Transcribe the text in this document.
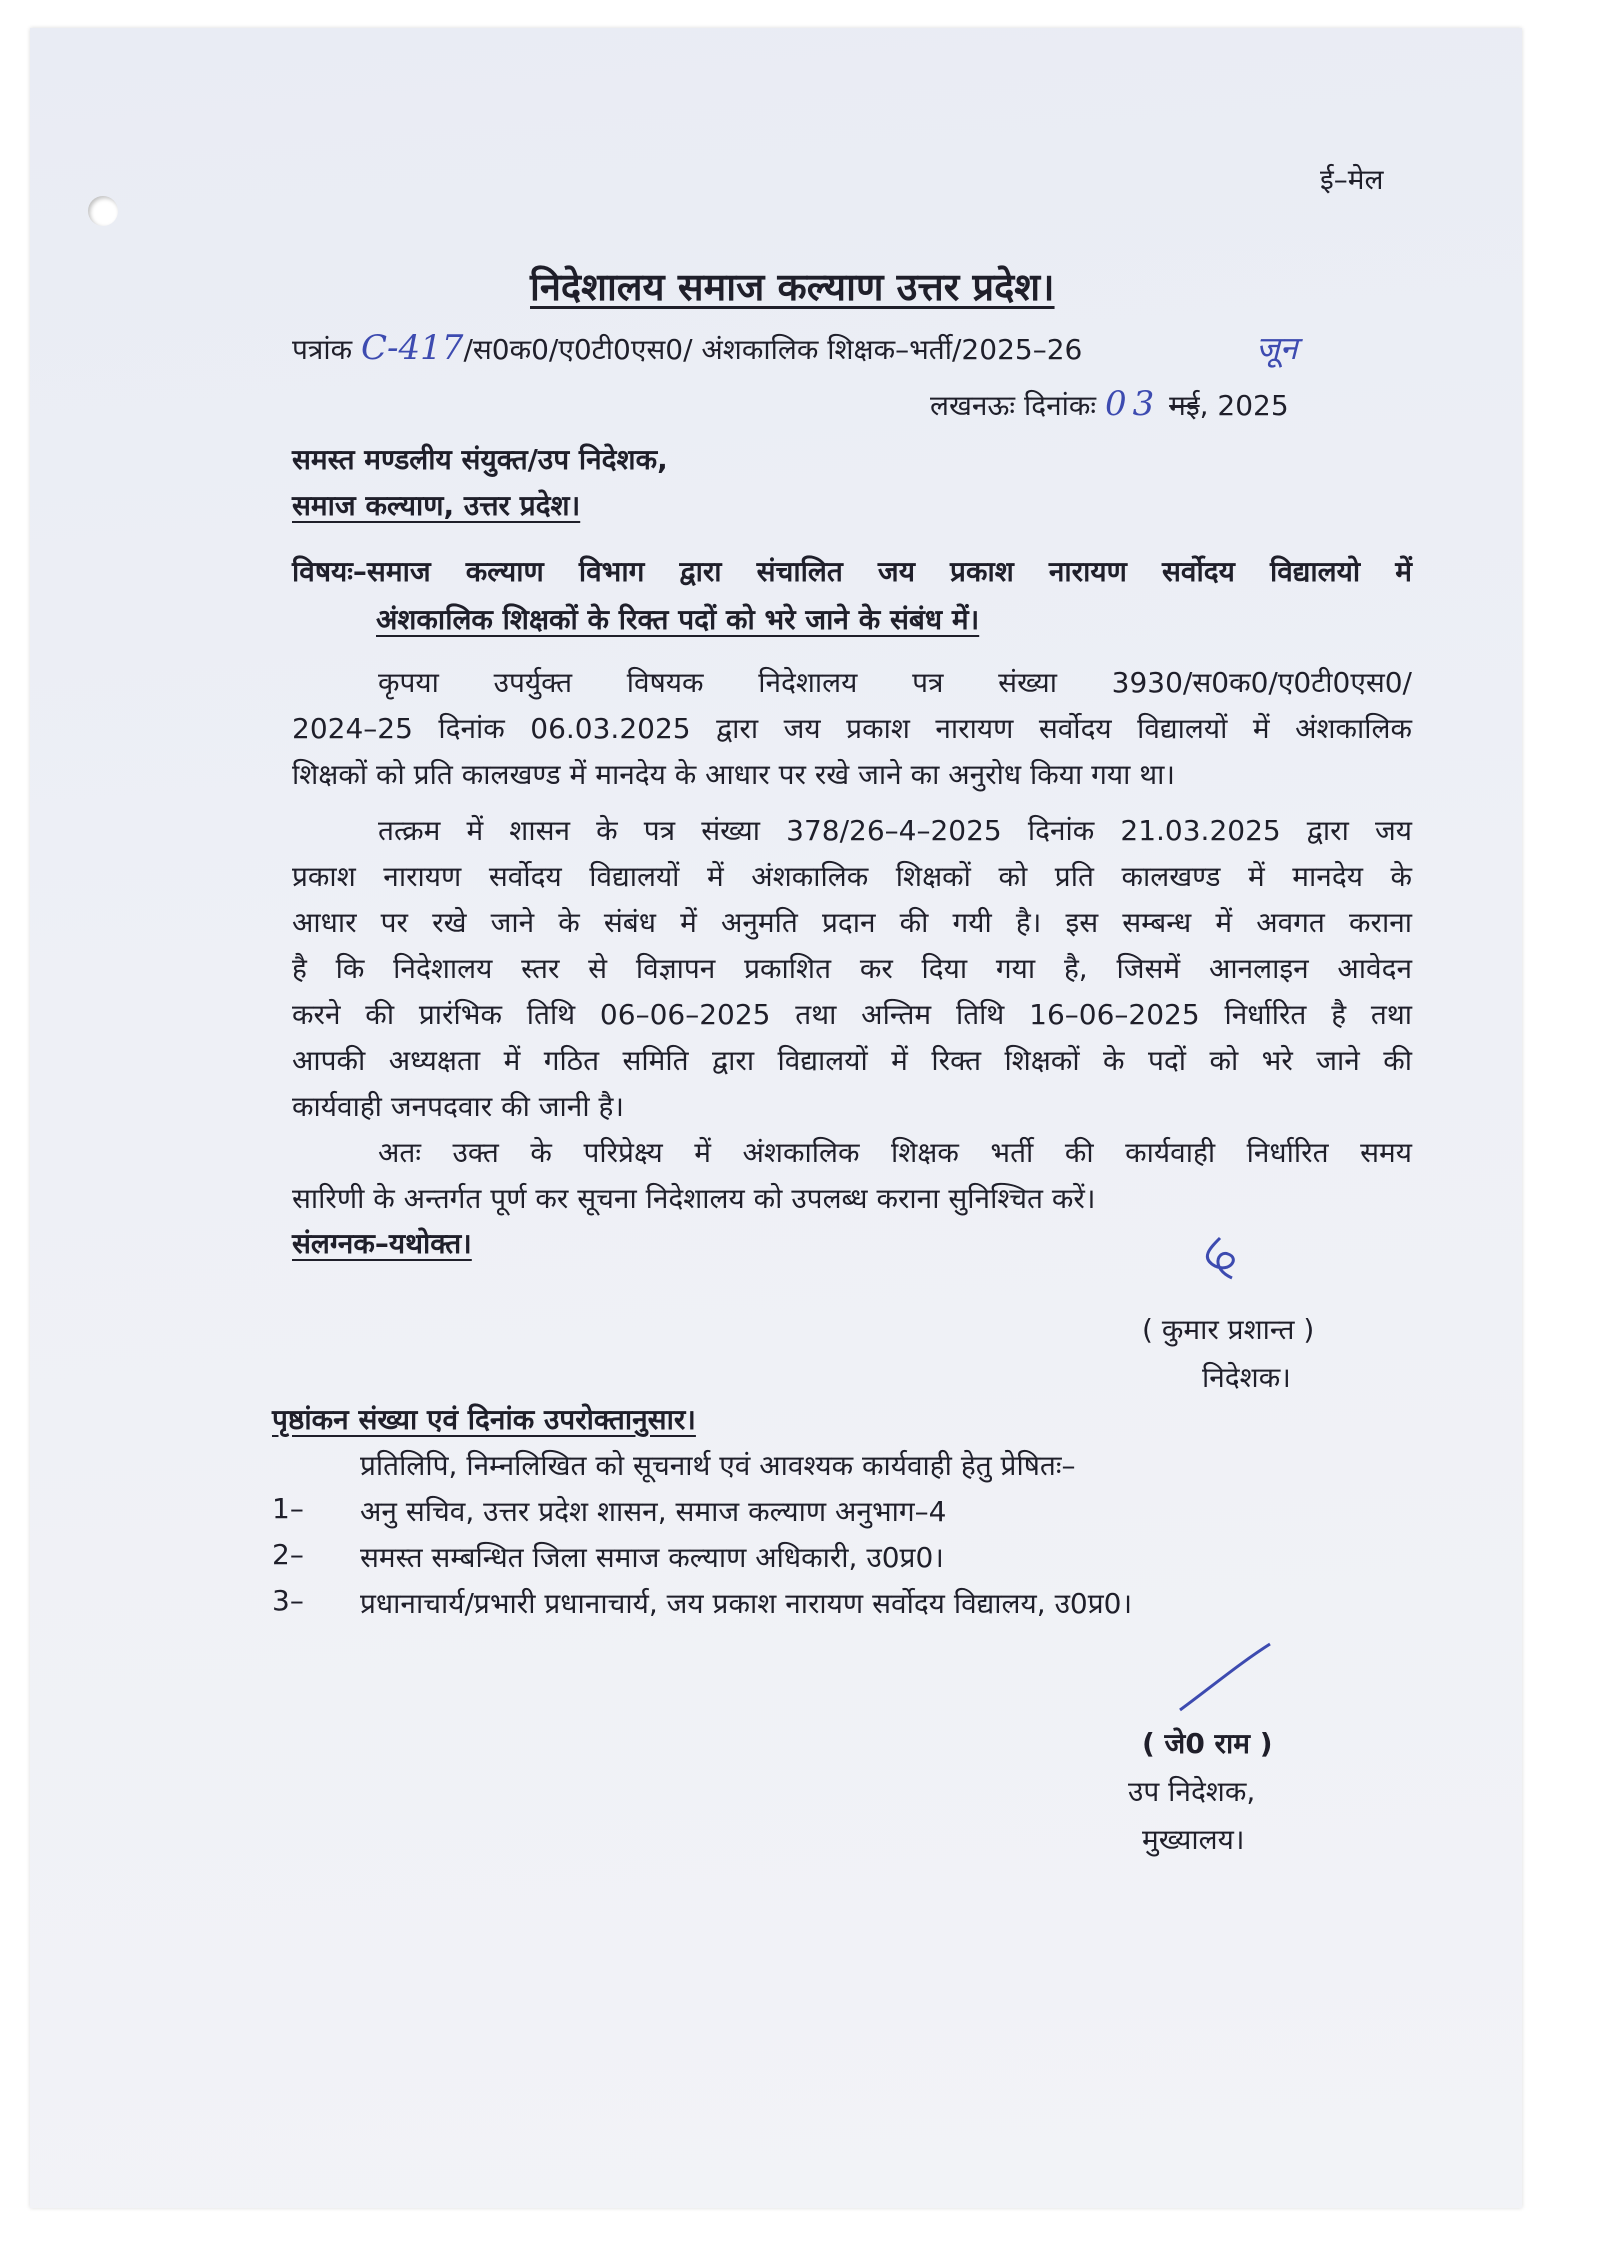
ई–मेल
निदेशालय समाज कल्याण उत्तर प्रदेश।
पत्रांक C-417/स0क0/ए0टी0एस0/ अंशकालिक शिक्षक–भर्ती/2025–26	जून
लखनऊः दिनांकः 03 मई, 2025
समस्त मण्डलीय संयुक्त/उप निदेशक,
समाज कल्याण, उत्तर प्रदेश।
विषयः–समाज कल्याण विभाग द्वारा संचालित जय प्रकाश नारायण सर्वोदय विद्यालयो में
अंशकालिक शिक्षकों के रिक्त पदों को भरे जाने के संबंध में।
कृपया उपर्युक्त विषयक निदेशालय पत्र संख्या 3930/स0क0/ए0टी0एस0/
2024–25 दिनांक 06.03.2025 द्वारा जय प्रकाश नारायण सर्वोदय विद्यालयों में अंशकालिक
शिक्षकों को प्रति कालखण्ड में मानदेय के आधार पर रखे जाने का अनुरोध किया गया था।
तत्क्रम में शासन के पत्र संख्या 378/26–4–2025 दिनांक 21.03.2025 द्वारा जय
प्रकाश नारायण सर्वोदय विद्यालयों में अंशकालिक शिक्षकों को प्रति कालखण्ड में मानदेय के
आधार पर रखे जाने के संबंध में अनुमति प्रदान की गयी है। इस सम्बन्ध में अवगत कराना
है कि निदेशालय स्तर से विज्ञापन प्रकाशित कर दिया गया है, जिसमें आनलाइन आवेदन
करने की प्रारंभिक तिथि 06–06–2025 तथा अन्तिम तिथि 16–06–2025 निर्धारित है तथा
आपकी अध्यक्षता में गठित समिति द्वारा विद्यालयों में रिक्त शिक्षकों के पदों को भरे जाने की
कार्यवाही जनपदवार की जानी है।
अतः उक्त के परिप्रेक्ष्य में अंशकालिक शिक्षक भर्ती की कार्यवाही निर्धारित समय
सारिणी के अन्तर्गत पूर्ण कर सूचना निदेशालय को उपलब्ध कराना सुनिश्चित करें।
संलग्नक–यथोक्त।
( कुमार प्रशान्त )
निदेशक।
पृष्ठांकन संख्या एवं दिनांक उपरोक्तानुसार।
प्रतिलिपि, निम्नलिखित को सूचनार्थ एवं आवश्यक कार्यवाही हेतु प्रेषितः–
1– अनु सचिव, उत्तर प्रदेश शासन, समाज कल्याण अनुभाग–4
2– समस्त सम्बन्धित जिला समाज कल्याण अधिकारी, उ0प्र0।
3– प्रधानाचार्य/प्रभारी प्रधानाचार्य, जय प्रकाश नारायण सर्वोदय विद्यालय, उ0प्र0।
( जे0 राम )
उप निदेशक,
मुख्यालय।
